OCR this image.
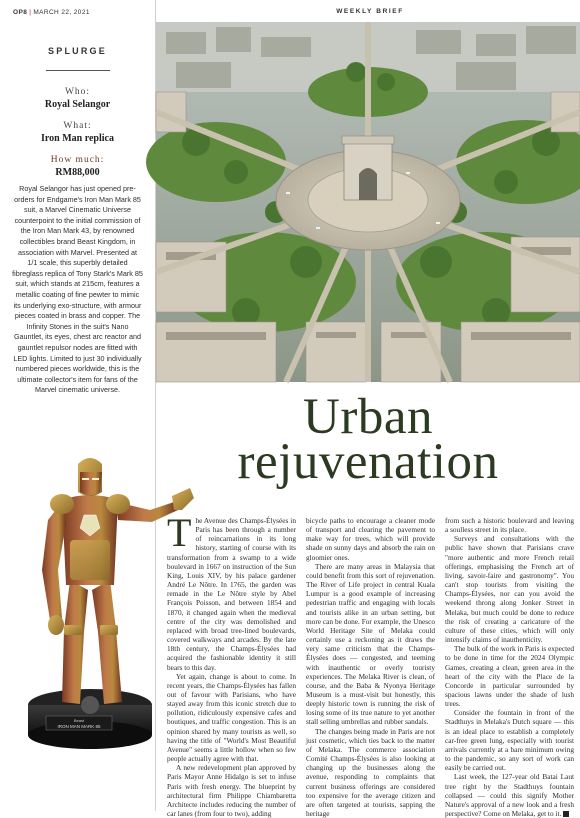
OP8 | MARCH 22, 2021	WEEKLY BRIEF
SPLURGE
Who:
Royal Selangor
What:
Iron Man replica
How much:
RM88,000
Royal Selangor has just opened pre-orders for Endgame's Iron Man Mark 85 suit, a Marvel Cinematic Universe counterpoint to the initial commission of the Iron Man Mark 43, by renowned collectibles brand Beast Kingdom, in association with Marvel. Presented at 1/1 scale, this superbly detailed fibreglass replica of Tony Stark's Mark 85 suit, which stands at 215cm, features a metallic coating of fine pewter to mimic its underlying exo-structure, with armour pieces coated in brass and copper. The Infinity Stones in the suit's Nano Gauntlet, its eyes, chest arc reactor and gauntlet repulsor nodes are fitted with LED lights. Limited to just 30 individually numbered pieces worldwide, this is the ultimate collector's item for fans of the Marvel cinematic universe.	Urban
rejuvenation
Beast
IRON MAN MARK 85

The Avenue des Champs-Élysées in Paris has been through a number of reincarnations in its long history, starting of course with its transformation from a swamp to a wide boulevard in 1667 on instruction of the Sun King, Louis XIV, by his palace gardener André Le Nôtre. In 1765, the garden was remade in the Le Nôtre style by Abel François Poisson, and between 1854 and 1870, it changed again when the medieval centre of the city was demolished and replaced with broad tree-lined boulevards, covered walkways and arcades. By the late 18th century, the Champs-Élysées had acquired the fashionable identity it still bears to this day.

Yet again, change is about to come. In recent years, the Champs-Élysées has fallen out of favour with Parisians, who have stayed away from this iconic stretch due to pollution, ridiculously expensive cafes and boutiques, and traffic congestion. This is an opinion shared by many tourists as well, so having the title of "World's Most Beautiful Avenue" seems a little hollow when so few people actually agree with that.

A new redevelopment plan approved by Paris Mayor Anne Hidalgo is set to infuse Paris with fresh energy. The blueprint by architectural firm Philippe Chiambaretta Architecte includes reducing the number of car lanes (from four to two), adding

bicycle paths to encourage a cleaner mode of transport and clearing the pavement to make way for trees, which will provide shade on sunny days and absorb the rain on gloomier ones.

There are many areas in Malaysia that could benefit from this sort of rejuvenation. The River of Life project in central Kuala Lumpur is a good example of increasing pedestrian traffic and engaging with locals and tourists alike in an urban setting, but more can be done. For example, the Unesco World Heritage Site of Melaka could certainly use a reckoning as it draws the very same criticism that the Champs-Élysées does — congested, and teeming with inauthentic or overly touristy experiences. The Melaka River is clean, of course, and the Baba & Nyonya Heritage Museum is a must-visit but honestly, this deeply historic town is running the risk of losing some of its true nature to yet another stall selling umbrellas and rubber sandals.

The changes being made in Paris are not just cosmetic, which ties back to the matter of Melaka. The commerce association Comité Champs-Élysées is also looking at changing up the businesses along the avenue, responding to complaints that current business offerings are considered too expensive for the average citizen and are often targeted at tourists, sapping the heritage

from such a historic boulevard and leaving a soulless street in its place.

Surveys and consultations with the public have shown that Parisians crave "more authentic and more French retail offerings, emphasising the French art of living, savoir-faire and gastronomy". You can't stop tourists from visiting the Champs-Élysées, nor can you avoid the weekend throng along Jonker Street in Melaka, but much could be done to reduce the risk of creating a caricature of the culture of these cities, which will only intensify claims of inauthenticity.

The bulk of the work in Paris is expected to be done in time for the 2024 Olympic Games, creating a clean, green area in the heart of the city with the Place de la Concorde in particular surrounded by spacious lawns under the shade of lush trees.

Consider the fountain in front of the Stadthuys in Melaka's Dutch square — this is an ideal place to establish a completely car-free green lung, especially with tourist arrivals currently at a bare minimum owing to the pandemic, so any sort of work can easily be carried out.

Last week, the 127-year old Batai Laut tree right by the Stadthuys fountain collapsed — could this signify Mother Nature's approval of a new look and a fresh perspective? Come on Melaka, get to it.
